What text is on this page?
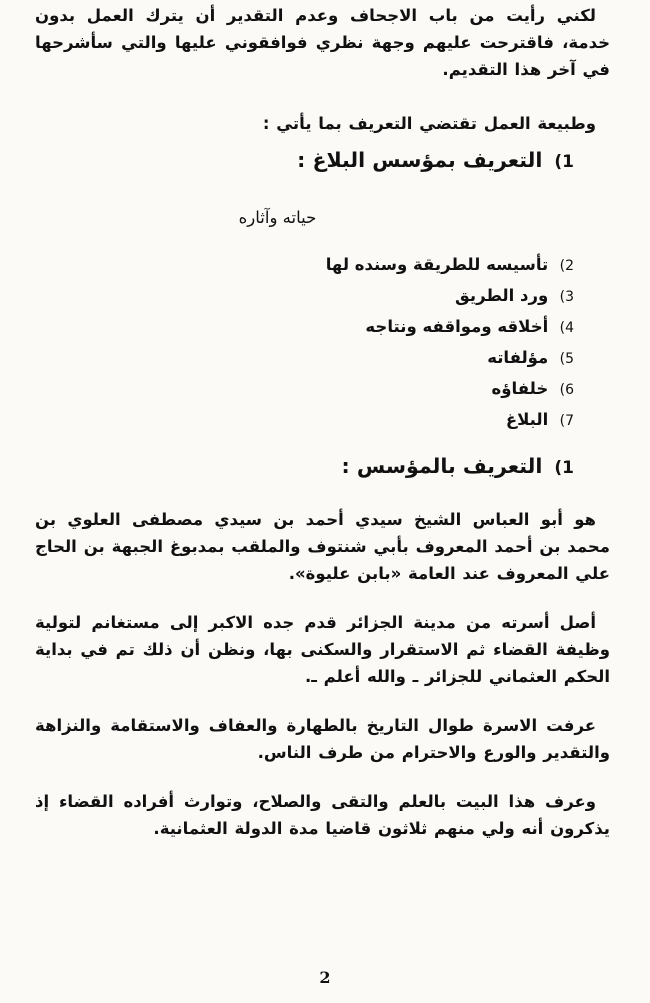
لكني رأيت من باب الاجحاف وعدم التقدير أن يترك العمل بدون خدمة، فاقترحت عليهم وجهة نظري فوافقوني عليها والتي سأشرحها في آخر هذا التقديم.

وطبيعة العمل تقتضي التعريف بما يأتي :

1)التعريف بمؤسس البلاغ :
حياته وآثاره
2) تأسيسه للطريقة وسنده لها
3) ورد الطريق
4) أخلاقه ومواقفه ونتاجه
5) مؤلفاته
6) خلفاؤه
7) البلاغ
1)التعريف بالمؤسس :

هو أبو العباس الشيخ سيدي أحمد بن سيدي مصطفى العلوي بن محمد بن أحمد المعروف بأبي شنتوف والملقب بمدبوغ الجبهة بن الحاج علي المعروف عند العامة «بابن عليوة».

أصل أسرته من مدينة الجزائر قدم جده الاكبر إلى مستغانم لتولية وظيفة القضاء ثم الاستقرار والسكنى بها، ونظن أن ذلك تم في بداية الحكم العثماني للجزائر ـ والله أعلم ـ.

عرفت الاسرة طوال التاريخ بالطهارة والعفاف والاستقامة والنزاهة والتقدير والورع والاحترام من طرف الناس.

وعرف هذا البيت بالعلم والتقى والصلاح، وتوارث أفراده القضاء إذ يذكرون أنه ولي منهم ثلاثون قاضيا مدة الدولة العثمانية.

2
